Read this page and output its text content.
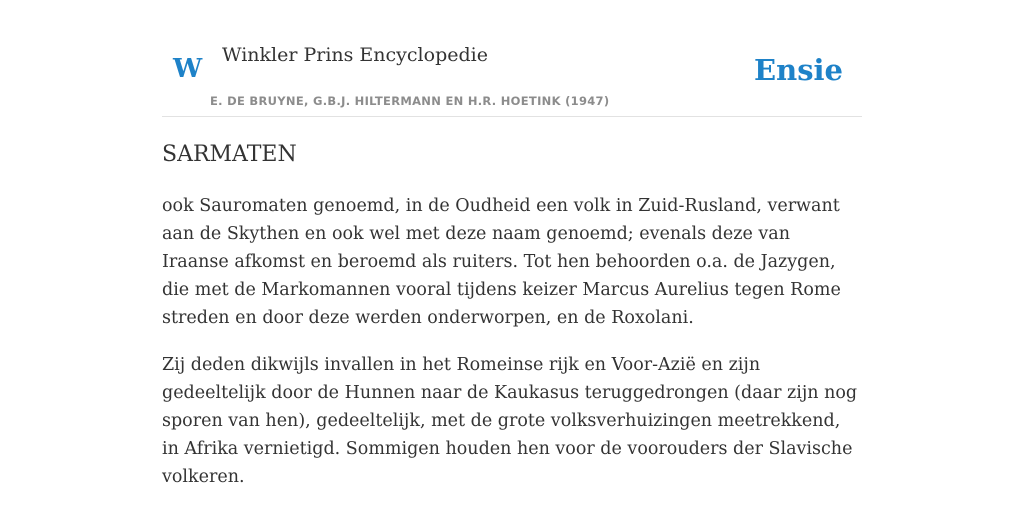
W Winkler Prins Encyclopedie
E. DE BRUYNE, G.B.J. HILTERMANN EN H.R. HOETINK (1947)
Ensie
SARMATEN

ook Sauromaten genoemd, in de Oudheid een volk in Zuid-Rusland, verwant aan de Skythen en ook wel met deze naam genoemd; evenals deze van Iraanse afkomst en beroemd als ruiters. Tot hen behoorden o.a. de Jazygen, die met de Markomannen vooral tijdens keizer Marcus Aurelius tegen Rome streden en door deze werden onderworpen, en de Roxolani.

Zij deden dikwijls invallen in het Romeinse rijk en Voor-Azië en zijn gedeeltelijk door de Hunnen naar de Kaukasus teruggedrongen (daar zijn nog sporen van hen), gedeeltelijk, met de grote volksverhuizingen meetrekkend, in Afrika vernietigd. Sommigen houden hen voor de voorouders der Slavische volkeren.
